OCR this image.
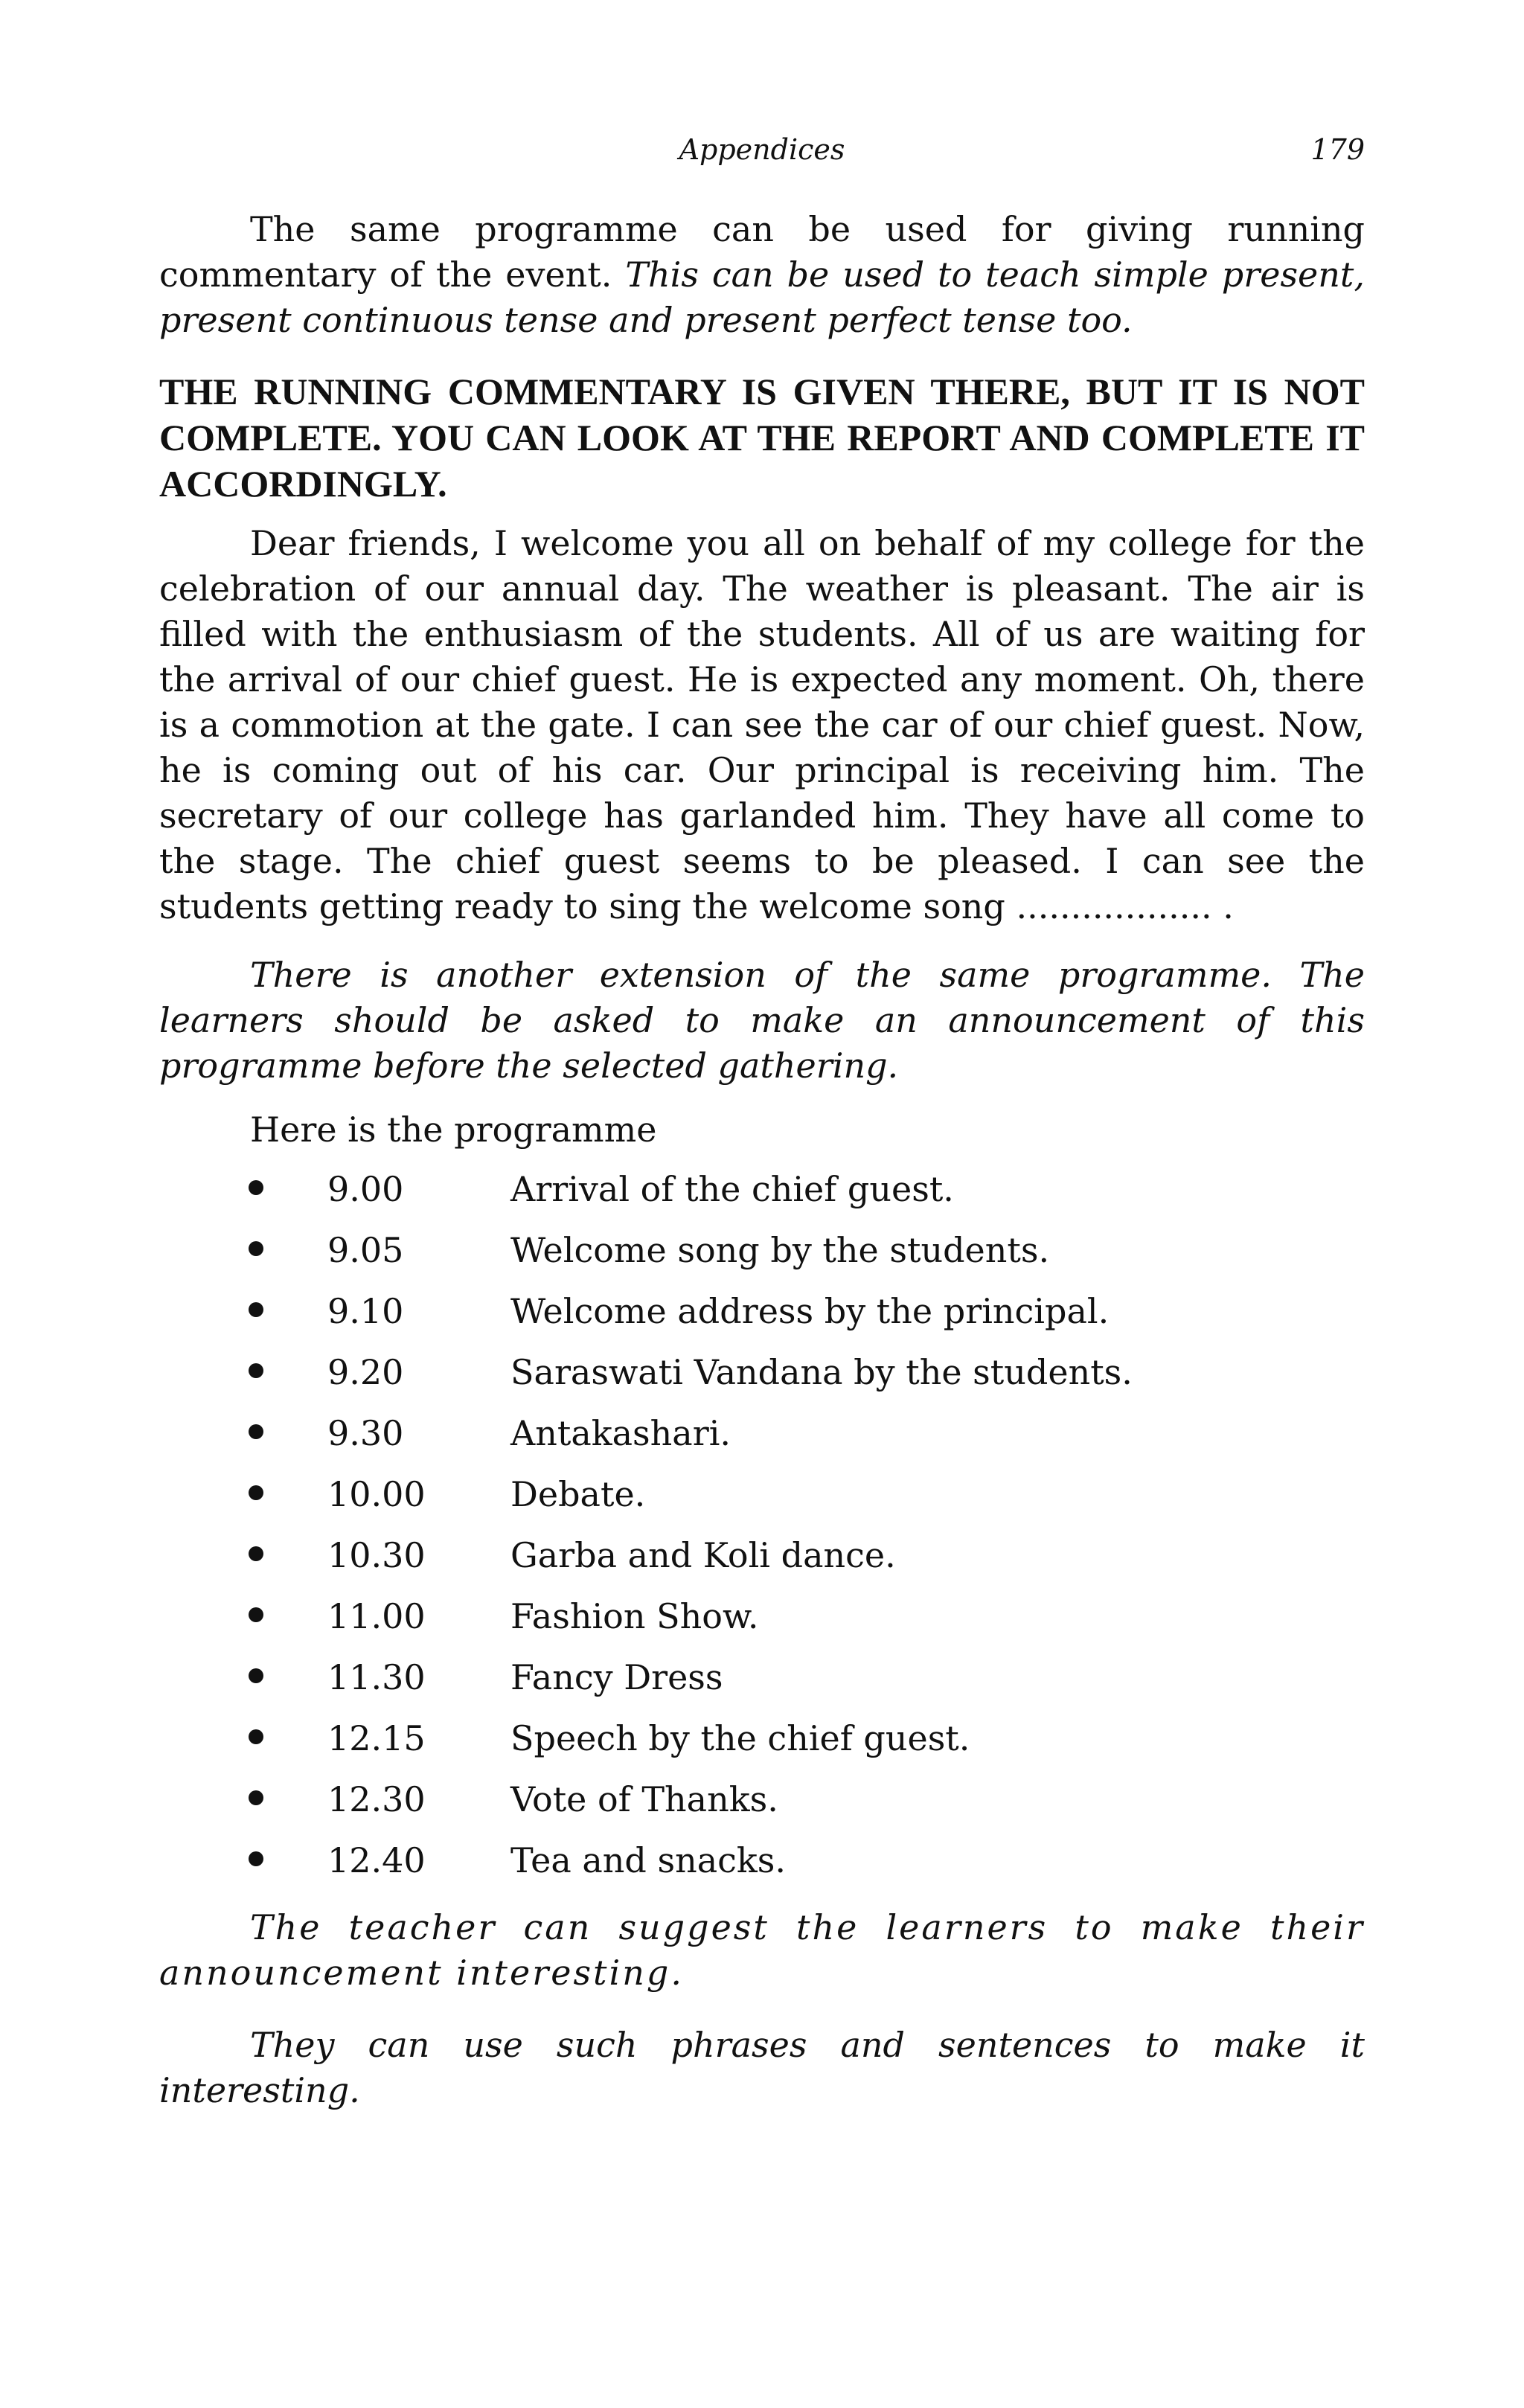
Appendices	179

The same programme can be used for giving running commentary of the event. This can be used to teach simple present, present continuous tense and present perfect tense too.

THE RUNNING COMMENTARY IS GIVEN THERE, BUT IT IS NOT COMPLETE. YOU CAN LOOK AT THE REPORT AND COMPLETE IT ACCORDINGLY.

Dear friends, I welcome you all on behalf of my college for the celebration of our annual day. The weather is pleasant. The air is filled with the enthusiasm of the students. All of us are waiting for the arrival of our chief guest. He is expected any moment. Oh, there is a commotion at the gate. I can see the car of our chief guest. Now, he is coming out of his car. Our principal is receiving him. The secretary of our college has garlanded him. They have all come to the stage. The chief guest seems to be pleased. I can see the students getting ready to sing the welcome song .................. .

There is another extension of the same programme. The learners should be asked to make an announcement of this programme before the selected gathering.

Here is the programme

9.00	Arrival of the chief guest.
9.05	Welcome song by the students.
9.10	Welcome address by the principal.
9.20	Saraswati Vandana by the students.
9.30	Antakashari.
10.00 Debate.
10.30 Garba and Koli dance.
11.00 Fashion Show.
11.30 Fancy Dress
12.15 Speech by the chief guest.
12.30 Vote of Thanks.
12.40 Tea and snacks.

The teacher can suggest the learners to make their announcement interesting.

They can use such phrases and sentences to make it interesting.
